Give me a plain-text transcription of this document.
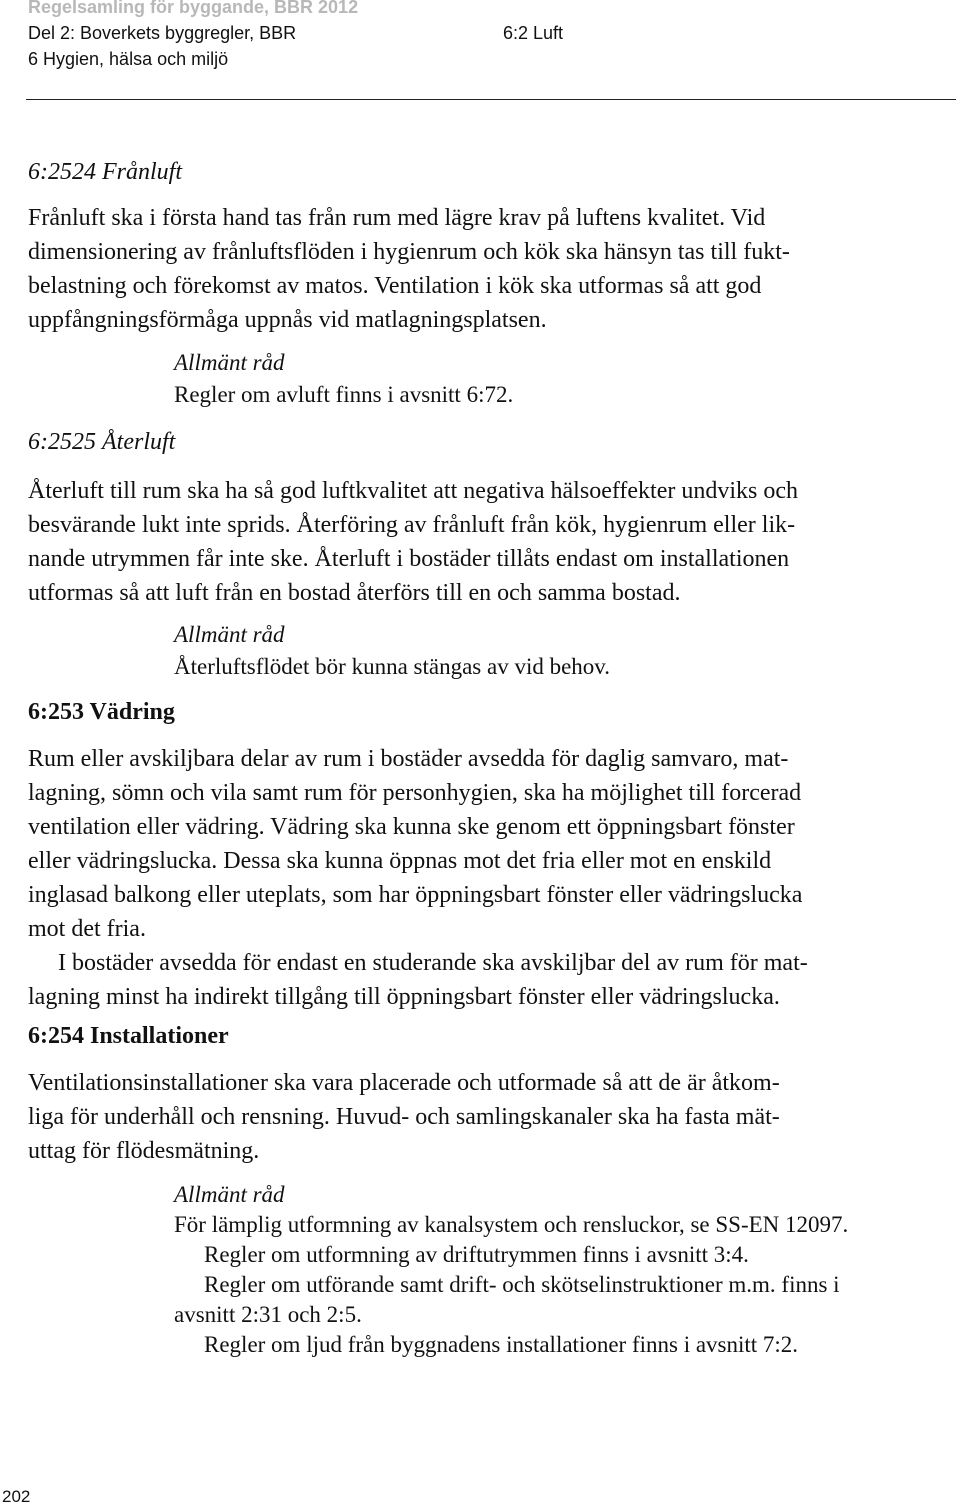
Regelsamling för byggande, BBR 2012
Del 2: Boverkets byggregler, BBR
6 Hygien, hälsa och miljö
6:2 Luft
6:2524 Frånluft

Frånluft ska i första hand tas från rum med lägre krav på luftens kvalitet. Vid

dimensionering av frånluftsflöden i hygienrum och kök ska hänsyn tas till fukt-

belastning och förekomst av matos. Ventilation i kök ska utformas så att god

uppfångningsförmåga uppnås vid matlagningsplatsen.

Allmänt råd

Regler om avluft finns i avsnitt 6:72.

6:2525 Återluft

Återluft till rum ska ha så god luftkvalitet att negativa hälsoeffekter undviks och

besvärande lukt inte sprids. Återföring av frånluft från kök, hygienrum eller lik-

nande utrymmen får inte ske. Återluft i bostäder tillåts endast om installationen

utformas så att luft från en bostad återförs till en och samma bostad.

Allmänt råd

Återluftsflödet bör kunna stängas av vid behov.

6:253 Vädring

Rum eller avskiljbara delar av rum i bostäder avsedda för daglig samvaro, mat-

lagning, sömn och vila samt rum för personhygien, ska ha möjlighet till forcerad

ventilation eller vädring. Vädring ska kunna ske genom ett öppningsbart fönster

eller vädringslucka. Dessa ska kunna öppnas mot det fria eller mot en enskild

inglasad balkong eller uteplats, som har öppningsbart fönster eller vädringslucka

mot det fria.

I bostäder avsedda för endast en studerande ska avskiljbar del av rum för mat-

lagning minst ha indirekt tillgång till öppningsbart fönster eller vädringslucka.

6:254 Installationer

Ventilationsinstallationer ska vara placerade och utformade så att de är åtkom-

liga för underhåll och rensning. Huvud- och samlingskanaler ska ha fasta mät-

uttag för flödesmätning.

Allmänt råd

För lämplig utformning av kanalsystem och rensluckor, se SS-EN 12097.

Regler om utformning av driftutrymmen finns i avsnitt 3:4.

Regler om utförande samt drift- och skötselinstruktioner m.m. finns i

avsnitt 2:31 och 2:5.

Regler om ljud från byggnadens installationer finns i avsnitt 7:2.

202
